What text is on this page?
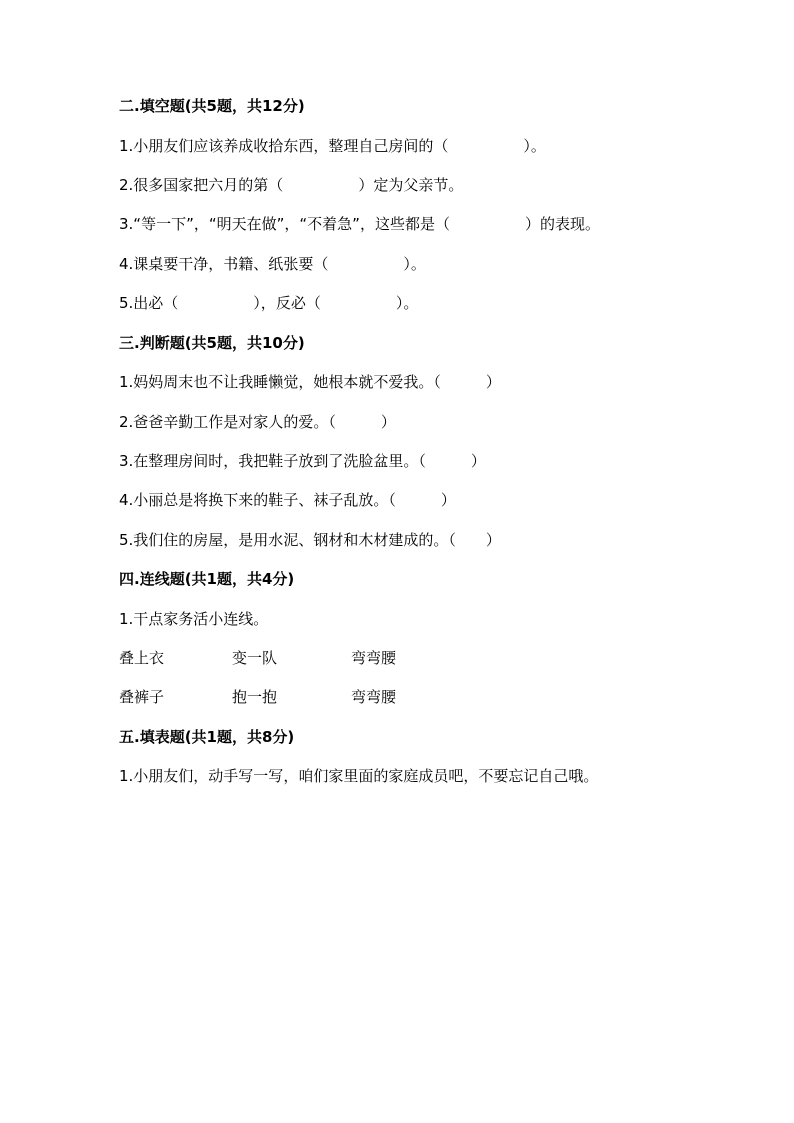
二.填空题(共5题，共12分)
1.小朋友们应该养成收拾东西，整理自己房间的（　　　　　）。
2.很多国家把六月的第（　　　　　）定为父亲节。
3.“等一下”，“明天在做”，“不着急”，这些都是（　　　　　）的表现。
4.课桌要干净，书籍、纸张要（　　　　　）。
5.出必（　　　　　），反必（　　　　　）。
三.判断题(共5题，共10分)
1.妈妈周末也不让我睡懒觉，她根本就不爱我。（　　　）
2.爸爸辛勤工作是对家人的爱。（　　　）
3.在整理房间时，我把鞋子放到了洗脸盆里。（　　　）
4.小丽总是将换下来的鞋子、袜子乱放。（　　　）
5.我们住的房屋，是用水泥、钢材和木材建成的。（　　）
四.连线题(共1题，共4分)
1.干点家务活小连线。
叠上衣	变一队	弯弯腰
叠裤子	抱一抱	弯弯腰
五.填表题(共1题，共8分)
1.小朋友们，动手写一写，咱们家里面的家庭成员吧，不要忘记自己哦。
